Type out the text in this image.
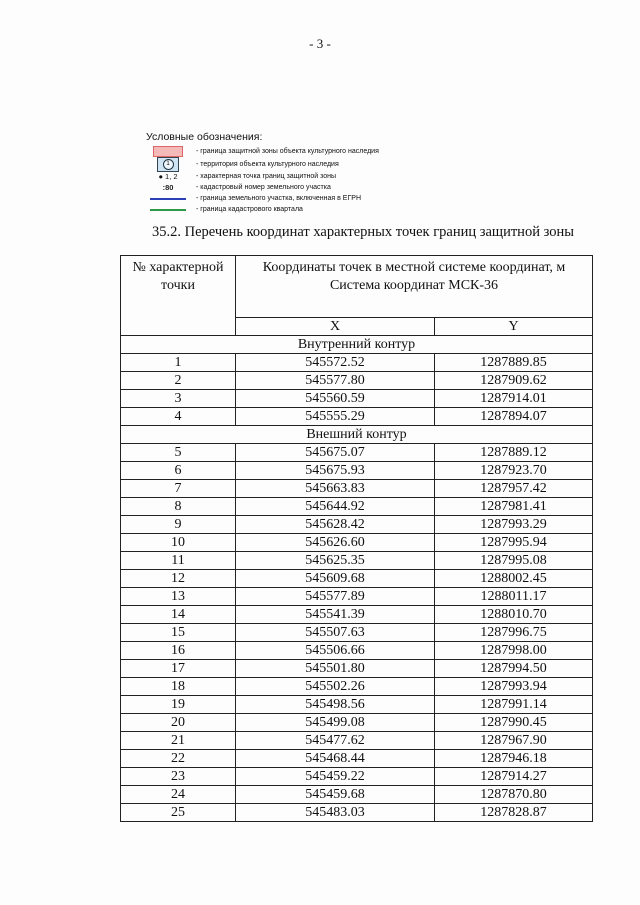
- 3 -
Условные обозначения:
- граница защитной зоны объекта культурного наследия
1	- территория объекта культурного наследия
● 1, 2	- характерная точка границ защитной зоны
:80	- кадастровый номер земельного участка
- граница земельного участка, включенная в ЕГРН
- граница кадастрового квартала
35.2. Перечень координат характерных точек границ защитной зоны
№ характерной точки	Координаты точек в местной системе координат, м Система координат МСК-36	
	X	Y
Внутренний контур		
1	545572.52	1287889.85
2	545577.80	1287909.62
3	545560.59	1287914.01
4	545555.29	1287894.07
Внешний контур		
5	545675.07	1287889.12
6	545675.93	1287923.70
7	545663.83	1287957.42
8	545644.92	1287981.41
9	545628.42	1287993.29
10	545626.60	1287995.94
11	545625.35	1287995.08
12	545609.68	1288002.45
13	545577.89	1288011.17
14	545541.39	1288010.70
15	545507.63	1287996.75
16	545506.66	1287998.00
17	545501.80	1287994.50
18	545502.26	1287993.94
19	545498.56	1287991.14
20	545499.08	1287990.45
21	545477.62	1287967.90
22	545468.44	1287946.18
23	545459.22	1287914.27
24	545459.68	1287870.80
25	545483.03	1287828.87
